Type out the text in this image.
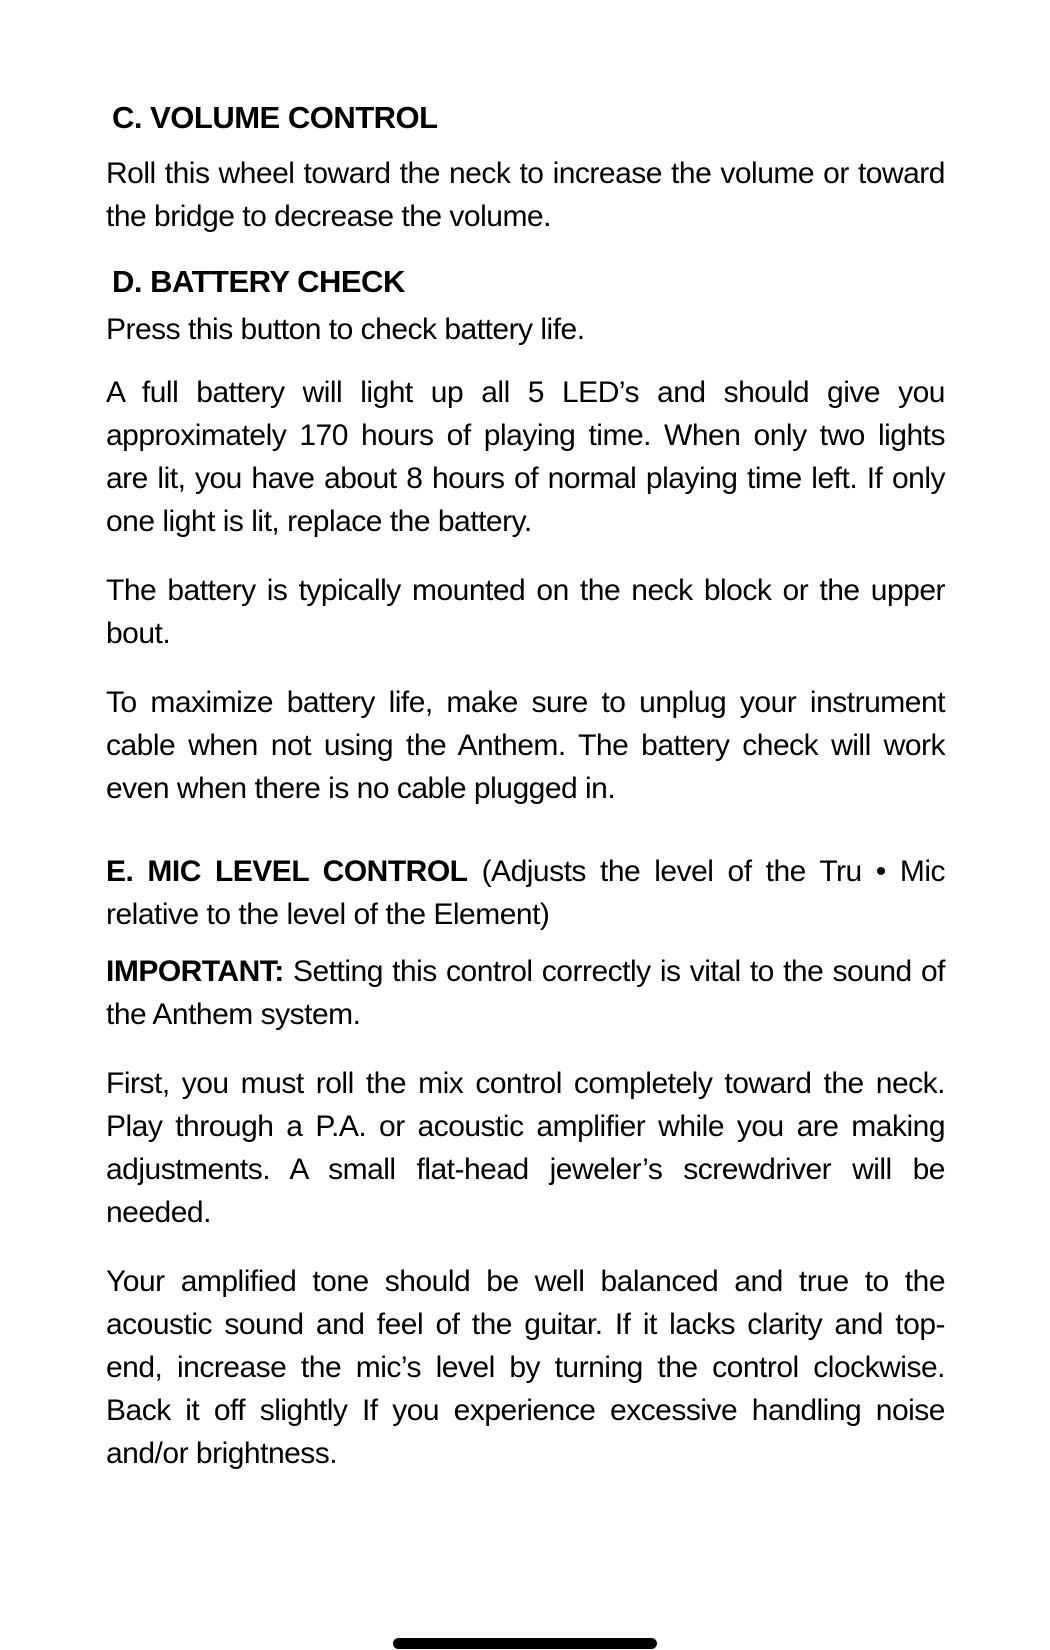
C. VOLUME CONTROL

Roll this wheel toward the neck to increase the volume or toward the bridge to decrease the volume.

D. BATTERY CHECK

Press this button to check battery life.

A full battery will light up all 5 LED’s and should give you approximately 170 hours of playing time. When only two lights are lit, you have about 8 hours of normal playing time left. If only one light is lit, replace the battery.

The battery is typically mounted on the neck block or the upper bout.

To maximize battery life, make sure to unplug your instrument cable when not using the Anthem. The battery check will work even when there is no cable plugged in.

E. MIC LEVEL CONTROL (Adjusts the level of the Tru • Mic relative to the level of the Element)

IMPORTANT: Setting this control correctly is vital to the sound of the Anthem system.

First, you must roll the mix control completely toward the neck. Play through a P.A. or acoustic amplifier while you are making adjustments. A small flat-head jeweler’s screwdriver will be needed.

Your amplified tone should be well balanced and true to the acoustic sound and feel of the guitar. If it lacks clarity and top-end, increase the mic’s level by turning the control clockwise. Back it off slightly If you experience excessive handling noise and/or brightness.
